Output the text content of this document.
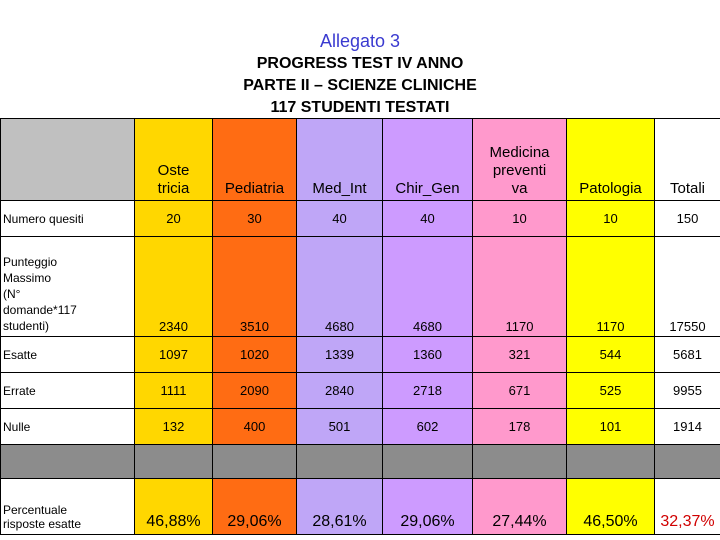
Allegato 3
PROGRESS TEST IV ANNO
PARTE II – SCIENZE CLINICHE
117 STUDENTI TESTATI
	Oste
tricia	Pediatria	Med_Int	Chir_Gen	Medicina
preventi
va	Patologia	Totali
Numero quesiti	20	30	40	40	10	10	150
Punteggio
Massimo
(N°
domande*117
studenti)	2340	3510	4680	4680	1170	1170	17550
Esatte	1097	1020	1339	1360	321	544	5681
Errate	1111	2090	2840	2718	671	525	9955
Nulle	132	400	501	602	178	101	1914

Percentuale
risposte esatte	46,88%	29,06%	28,61%	29,06%	27,44%	46,50%	32,37%
